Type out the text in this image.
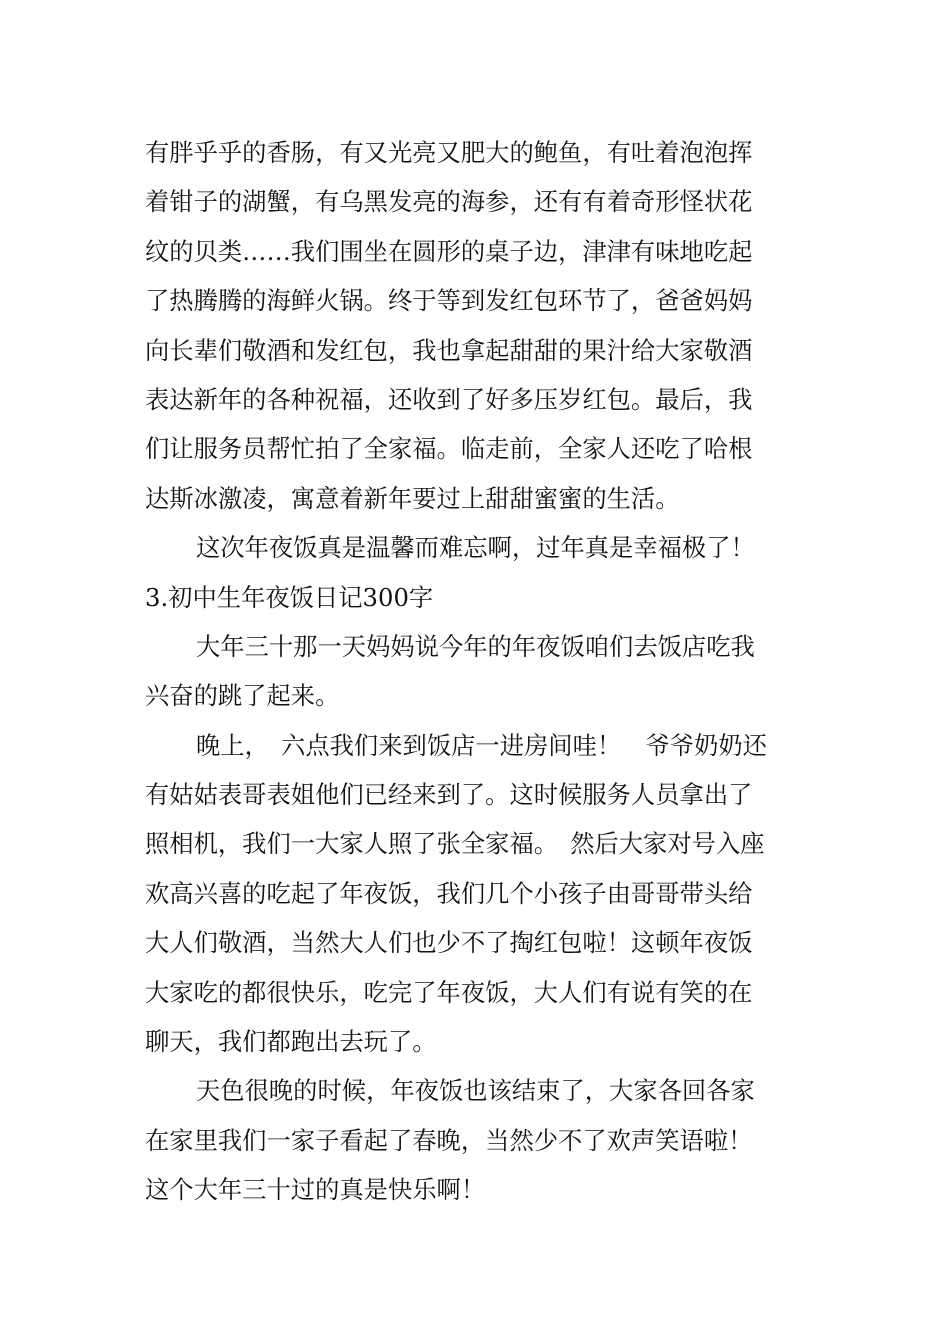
有胖乎乎的香肠，有又光亮又肥大的鲍鱼，有吐着泡泡挥
着钳子的湖蟹，有乌黑发亮的海参，还有有着奇形怪状花
纹的贝类……我们围坐在圆形的桌子边，津津有味地吃起
了热腾腾的海鲜火锅。终于等到发红包环节了，爸爸妈妈
向长辈们敬酒和发红包，我也拿起甜甜的果汁给大家敬酒
表达新年的各种祝福，还收到了好多压岁红包。最后，我
们让服务员帮忙拍了全家福。临走前，全家人还吃了哈根
达斯冰激凌，寓意着新年要过上甜甜蜜蜜的生活。
这次年夜饭真是温馨而难忘啊，过年真是幸福极了！
3.初中生年夜饭日记300字
大年三十那一天妈妈说今年的年夜饭咱们去饭店吃我
兴奋的跳了起来。
晚上，　六点我们来到饭店一进房间哇！　爷爷奶奶还
有姑姑表哥表姐他们已经来到了。这时候服务人员拿出了
照相机，我们一大家人照了张全家福。　然后大家对号入座
欢高兴喜的吃起了年夜饭，我们几个小孩子由哥哥带头给
大人们敬酒，当然大人们也少不了掏红包啦！这顿年夜饭
大家吃的都很快乐，吃完了年夜饭，大人们有说有笑的在
聊天，我们都跑出去玩了。
天色很晚的时候，年夜饭也该结束了，大家各回各家
在家里我们一家子看起了春晚，当然少不了欢声笑语啦！
这个大年三十过的真是快乐啊！
